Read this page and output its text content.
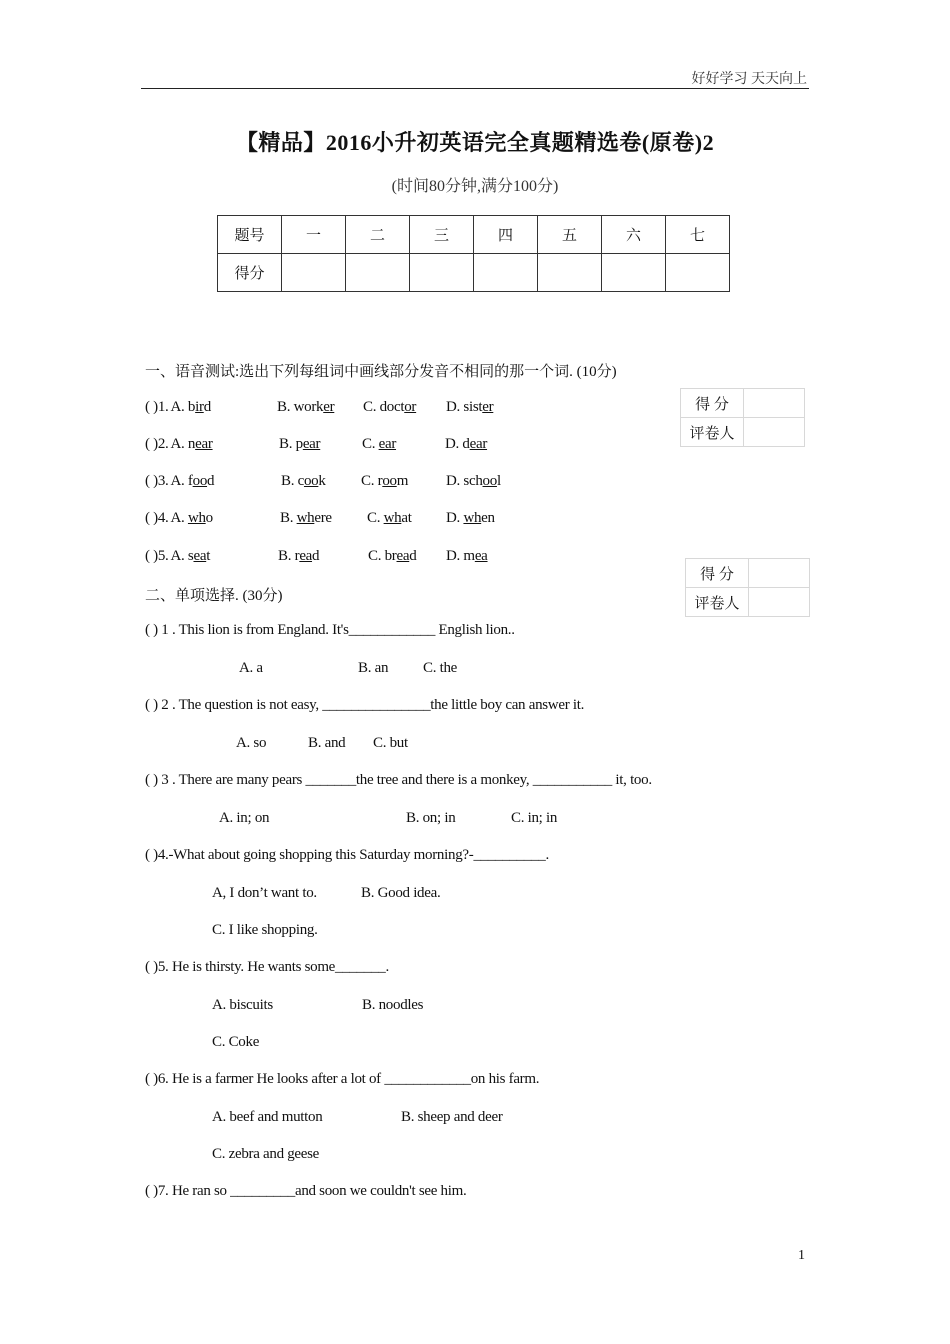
好好学习 天天向上
【精品】2016小升初英语完全真题精选卷(原卷)2
(时间80分钟,满分100分)
题号	一	二	三	四	五	六	七
得分							
一、语音测试:选出下列每组词中画线部分发音不相同的那一个词. (10分)
得 分	
评卷人	
( )1. A. bird	B. worker C. doctor D. sister
( )2. A. near	B. pear	C. ear	D. dear
( )3. A. food	B. cook C. room	D. school
( )4. A. who	B. where C. what D. when
( )5. A. seat	B. read	C. bread D. mea
得 分	
评卷人	
二、单项选择. (30分)
( ) 1 . This lion is from England. It's____________ English lion..
A. a	B. an C. the
( ) 2 . The question is not easy, _______________the little boy can answer it.
A. so	B. and C. but
( ) 3 . There are many pears _______the tree and there is a monkey, ___________ it, too.
A. in; on	B. on; in	C. in; in
( )4.-What about going shopping this Saturday morning?-__________.
A, I don’t want to.	B. Good idea.
C. I like shopping.
( )5. He is thirsty. He wants some_______.
A. biscuits	B. noodles
C. Coke
( )6. He is a farmer He looks after a lot of ____________on his farm.
A. beef and mutton	B. sheep and deer
C. zebra and geese
( )7. He ran so _________and soon we couldn't see him.
1
